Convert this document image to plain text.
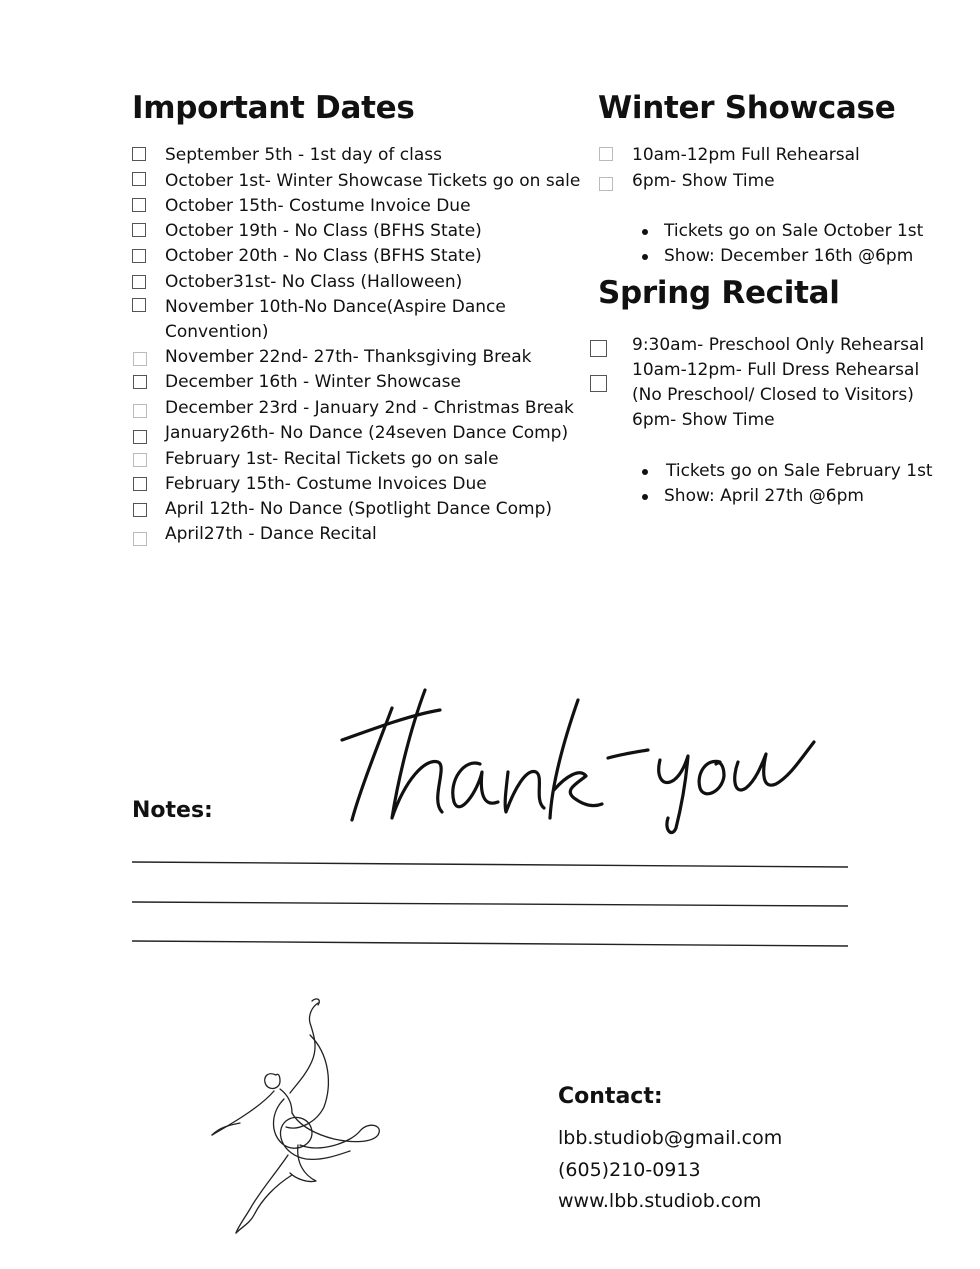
Important Dates
September 5th - 1st day of class
October 1st- Winter Showcase Tickets go on sale
October 15th- Costume Invoice Due
October 19th - No Class (BFHS State)
October 20th - No Class (BFHS State)
October31st- No Class (Halloween)
November 10th-No Dance(Aspire Dance
Convention)
November 22nd- 27th- Thanksgiving Break
December 16th - Winter Showcase
December 23rd - January 2nd - Christmas Break
January26th- No Dance (24seven Dance Comp)
February 1st- Recital Tickets go on sale
February 15th- Costume Invoices Due
April 12th- No Dance (Spotlight Dance Comp)
April27th - Dance Recital
Winter Showcase
10am-12pm Full Rehearsal
6pm- Show Time
Tickets go on Sale October 1st
Show: December 16th @6pm
Spring Recital
9:30am- Preschool Only Rehearsal
10am-12pm- Full Dress Rehearsal
(No Preschool/ Closed to Visitors)
6pm- Show Time
Tickets go on Sale February 1st
Show: April 27th @6pm
Notes:
Contact:
lbb.studiob@gmail.com
(605)210-0913
www.lbb.studiob.com
